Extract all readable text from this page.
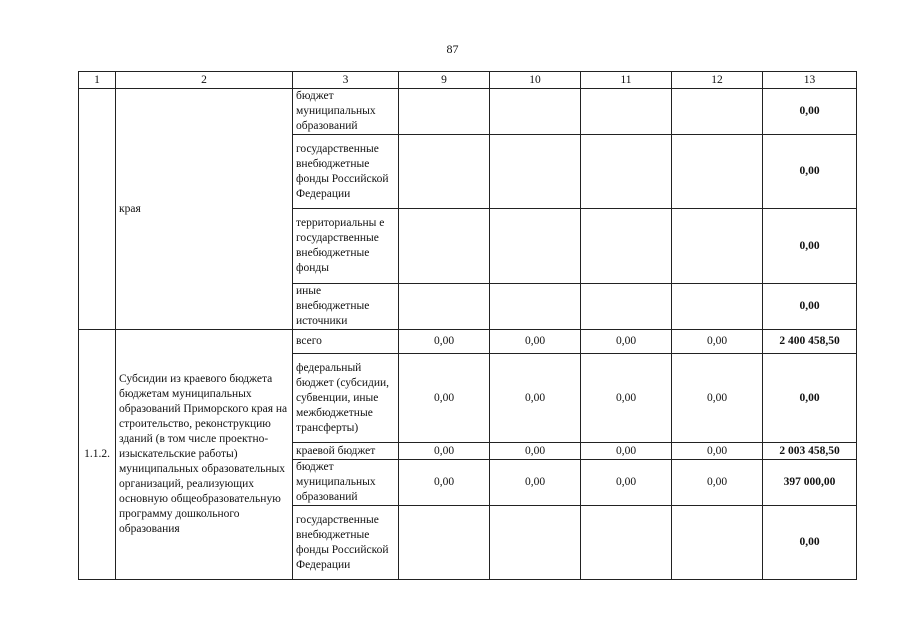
87
1	2	3	9	10	11	12	13
	края	бюджет муниципальных образований					0,00
		государственные внебюджетные фонды Российской Федерации					0,00
		территориальны е государственные внебюджетные фонды					0,00
		иные внебюджетные источники					0,00
1.1.2.	Субсидии из краевого бюджета бюджетам муниципальных образований Приморского края на строительство, реконструкцию зданий (в том числе проектно-изыскательские работы) муниципальных образовательных организаций, реализующих основную общеобразовательную программу дошкольного образования	всего	0,00	0,00	0,00	0,00	2 400 458,50
		федеральный бюджет (субсидии, субвенции, иные межбюджетные трансферты)	0,00	0,00	0,00	0,00	0,00
		краевой бюджет	0,00	0,00	0,00	0,00	2 003 458,50
		бюджет муниципальных образований	0,00	0,00	0,00	0,00	397 000,00
		государственные внебюджетные фонды Российской Федерации					0,00
